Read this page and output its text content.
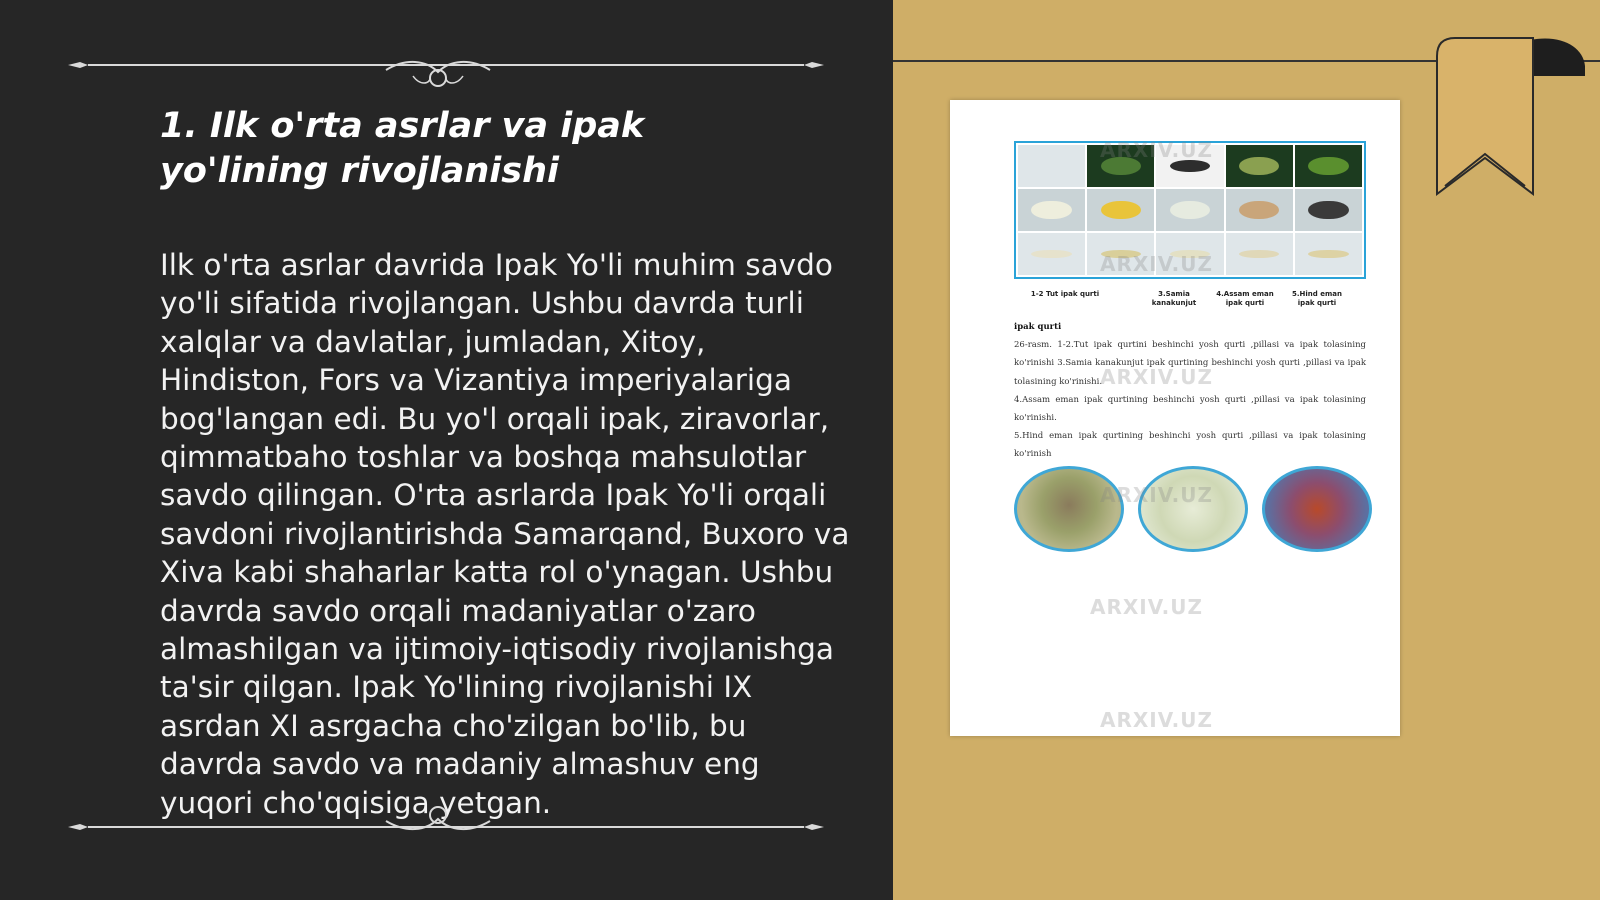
1. Ilk o'rta asrlar va ipak yo'lining rivojlanishi

Ilk o'rta asrlar davrida Ipak Yo'li muhim savdo yo'li sifatida rivojlangan. Ushbu davrda turli xalqlar va davlatlar, jumladan, Xitoy, Hindiston, Fors va Vizantiya imperiyalariga bog'langan edi. Bu yo'l orqali ipak, ziravorlar, qimmatbaho toshlar va boshqa mahsulotlar savdo qilingan. O'rta asrlarda Ipak Yo'li orqali savdoni rivojlantirishda Samarqand, Buxoro va Xiva kabi shaharlar katta rol o'ynagan. Ushbu davrda savdo orqali madaniyatlar o'zaro almashilgan va ijtimoiy-iqtisodiy rivojlanishga ta'sir qilgan. Ipak Yo'lining rivojlanishi IX asrdan XI asrgacha cho'zilgan bo'lib, bu davrda savdo va madaniy almashuv eng yuqori cho'qqisiga yetgan.

1-2 Tut ipak qurti	3.Samia
kanakunjut
4.Assam eman
ipak qurti
5.Hind eman
ipak qurti
ipak qurti
26-rasm. 1-2.Tut ipak qurtini beshinchi yosh qurti ,pillasi va ipak tolasining ko'rinishi 3.Samia kanakunjut ipak qurtining beshinchi yosh qurti ,pillasi va ipak tolasining ko'rinishi.
4.Assam eman ipak qurtining beshinchi yosh qurti ,pillasi va ipak tolasining ko'rinishi.
5.Hind eman ipak qurtining beshinchi yosh qurti ,pillasi va ipak tolasining ko'rinish
ARXIV.UZ
ARXIV.UZ
ARXIV.UZ
ARXIV.UZ
ARXIV.UZ
ARXIV.UZ
